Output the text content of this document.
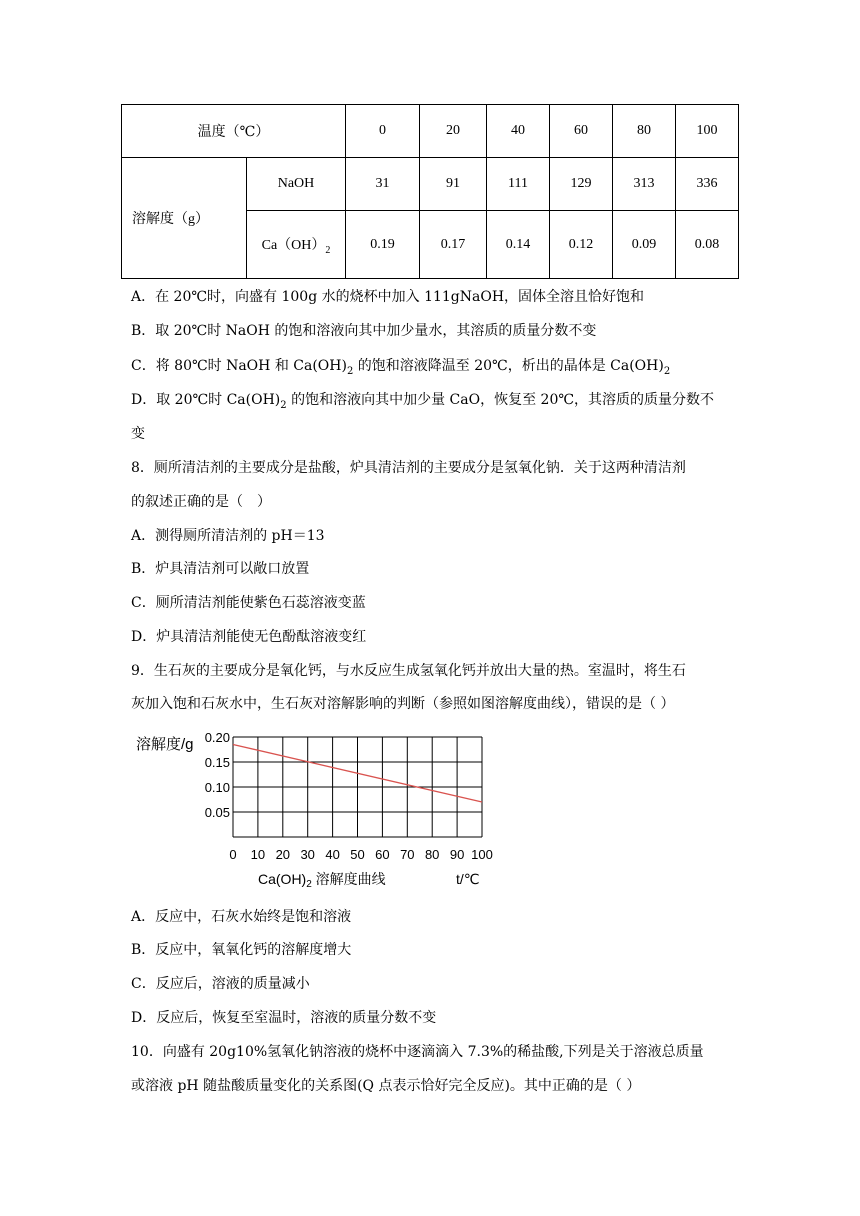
温度（℃）		0	20	40	60	80	100
溶解度（g）	NaOH	31	91	111	129	313	336
	$Ca(OH)_2$	0.19	0.17	0.14	0.12	0.09	0.08
A．在 20℃时，向盛有 100g 水的烧杯中加入 111gNaOH，固体全溶且恰好饱和
B．取 20℃时 NaOH 的饱和溶液向其中加少量水，其溶质的质量分数不变
C．将 80℃时 NaOH 和 $Ca(OH)_2$ 的饱和溶液降温至 20℃，析出的晶体是 $Ca(OH)_2$
D．取 20℃时 $Ca(OH)_2$ 的饱和溶液向其中加少量 CaO，恢复至 20℃，其溶质的质量分数不
变
8．厕所清洁剂的主要成分是盐酸，炉具清洁剂的主要成分是氢氧化钠．关于这两种清洁剂
的叙述正确的是（　）
A．测得厕所清洁剂的 pH＝13
B．炉具清洁剂可以敞口放置
C．厕所清洁剂能使紫色石蕊溶液变蓝
D．炉具清洁剂能使无色酚酞溶液变红
9．生石灰的主要成分是氧化钙，与水反应生成氢氧化钙并放出大量的热。室温时，将生石
灰加入饱和石灰水中，生石灰对溶解影响的判断（参照如图溶解度曲线），错误的是（ ）
0 10 20 30 40 50 60 70 80 90 100
0.05
0.10
0.15
0.20
溶解度/g
$Ca(OH)_2$ 溶解度曲线	t/℃
A．反应中，石灰水始终是饱和溶液
B．反应中，氧氧化钙的溶解度增大
C．反应后，溶液的质量减小
D．反应后，恢复至室温时，溶液的质量分数不变
10．向盛有 20g10%氢氧化钠溶液的烧杯中逐滴滴入 7.3%的稀盐酸,下列是关于溶液总质量
或溶液 pH 随盐酸质量变化的关系图(Q 点表示恰好完全反应)。其中正确的是（ ）
